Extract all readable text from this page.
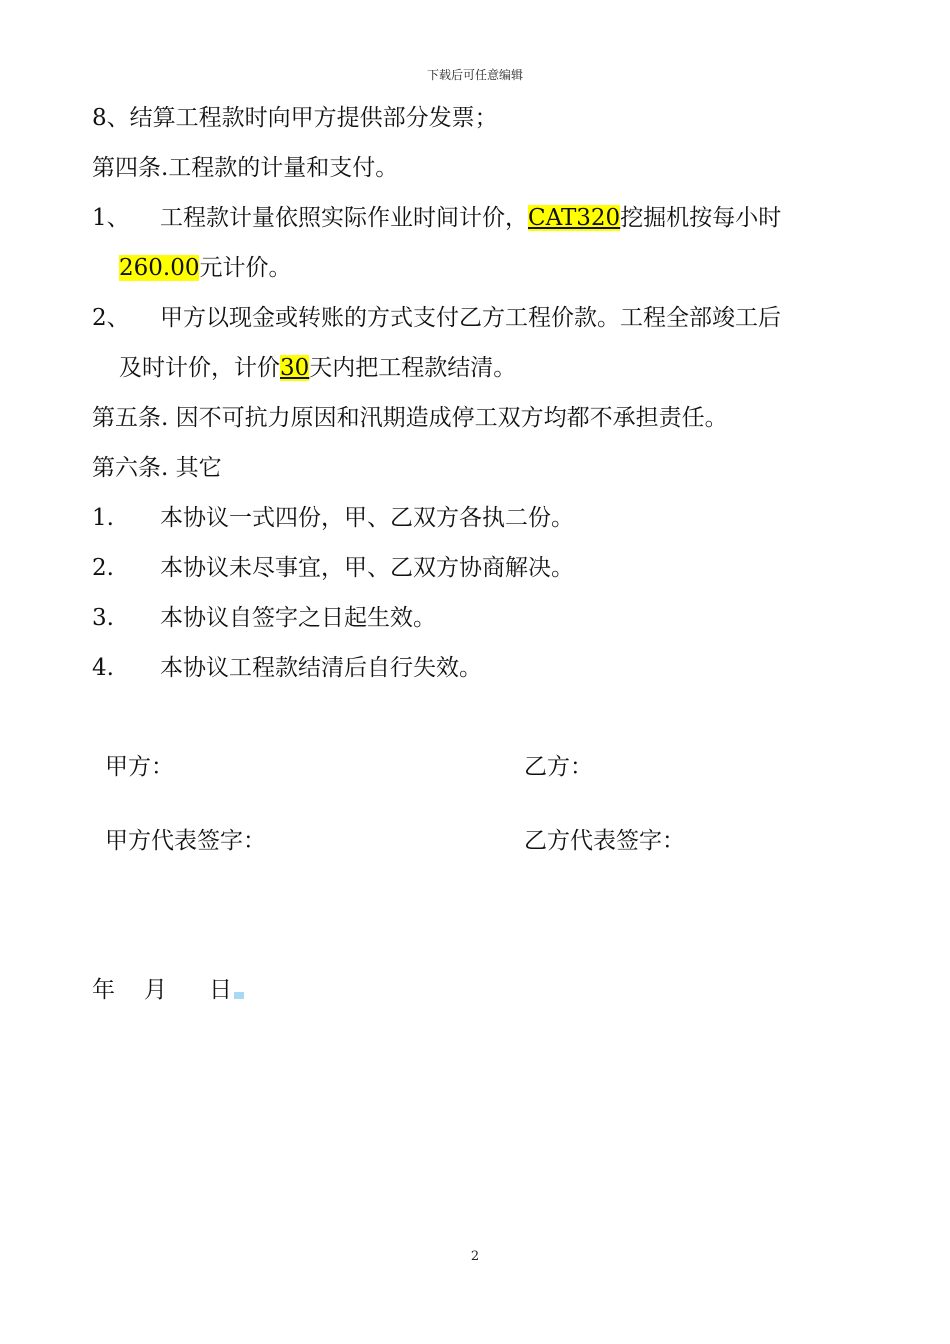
下载后可任意编辑
8、结算工程款时向甲方提供部分发票；
第四条.工程款的计量和支付。
1、 工程款计量依照实际作业时间计价，CAT320挖掘机按每小时
260.00元计价。
2、 甲方以现金或转账的方式支付乙方工程价款。工程全部竣工后
及时计价，计价30天内把工程款结清。
第五条. 因不可抗力原因和汛期造成停工双方均都不承担责任。
第六条. 其它
1. 本协议一式四份，甲、乙双方各执二份。
2. 本协议未尽事宜，甲、乙双方协商解决。
3. 本协议自签字之日起生效。
4. 本协议工程款结清后自行失效。
甲方：	乙方：
甲方代表签字：	乙方代表签字：
年 月 日
2
